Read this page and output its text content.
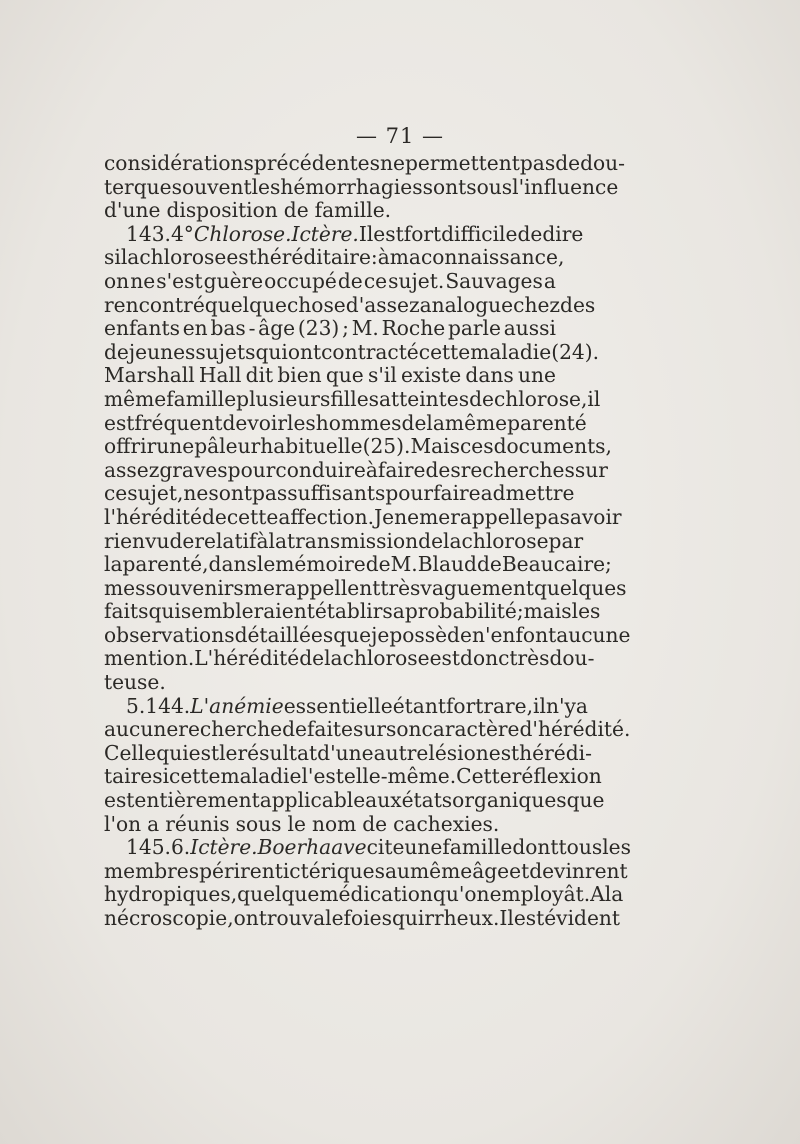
— 71 —
considérations précédentes ne permettent pas de dou-
ter que souvent les hémorrhagies sont sous l'influence
d'une disposition de famille.
143. 4° Chlorose. Ictère. Il est fort difficile de dire
si la chlorose est héréditaire : à ma connaissance ,
on ne s'est guère occupé de ce sujet. Sauvages a
rencontré quelque chose d'assez analogue chez des
enfants en bas - âge (23) ; M. Roche parle aussi
de jeunes sujets qui ont contracté cette maladie (24).
Marshall Hall dit bien que s'il existe dans une
même famille plusieurs filles atteintes de chlorose, il
est fréquent de voir les hommes de la même parenté
offrir une pâleur habituelle (25). Mais ces documents,
assez graves pour conduire à faire des recherches sur
ce sujet, ne sont pas suffisants pour faire admettre
l'hérédité de cette affection. Je ne me rappelle pas avoir
rien vu de relatif à la transmission de la chlorose par
la parenté, dans le mémoire de M. Blaud de Beaucaire;
mes souvenirs me rappellent très vaguement quelques
faits qui sembleraient établir sa probabilité; mais les
observations détaillées que je possède n'en font aucune
mention. L'hérédité de la chlorose est donc très dou-
teuse.
5. 144. L'anémie essentielle étant fort rare, il n'y a
aucune recherche de faite sur son caractère d'hérédité.
Celle qui est le résultat d'une autre lésion est hérédi-
taire si cette maladie l'est elle-même. Cette réflexion
est entièrement applicable aux états organiques que
l'on a réunis sous le nom de cachexies.
145.6. Ictère.Boerhaave cite une famille dont tous les
membres périrent ictériques au même âge et devinrent
hydropiques, quelque médication qu'on employât. A la
nécroscopie, on trouva le foie squirrheux. Il est évident
